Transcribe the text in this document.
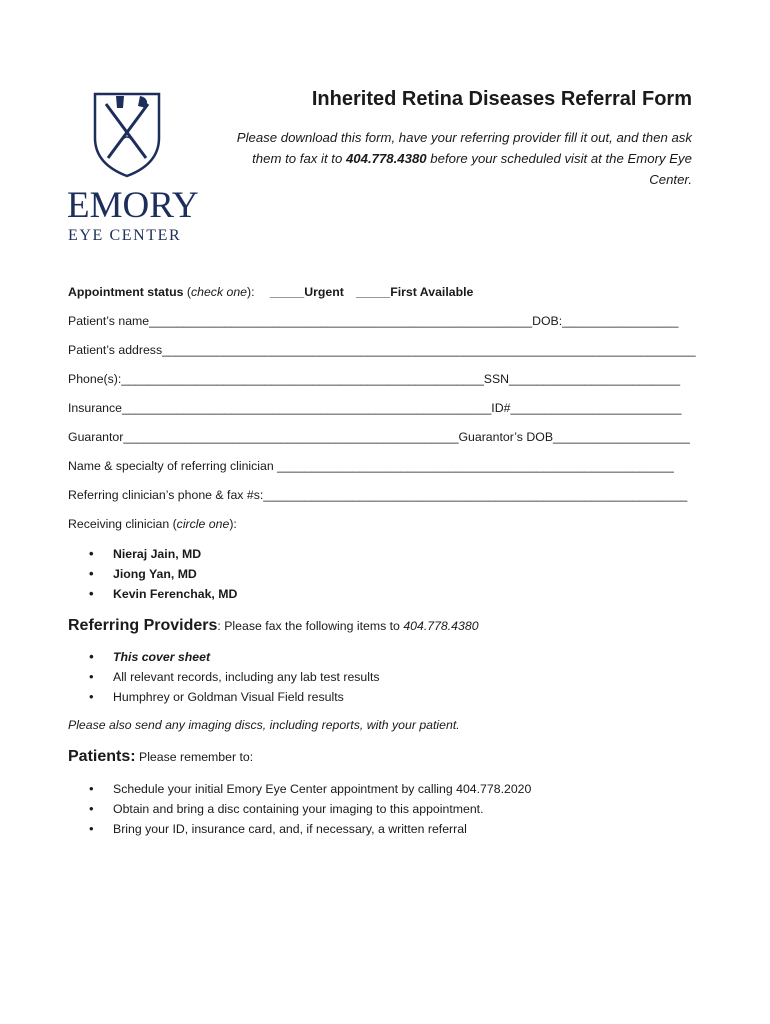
EMORY
EYE CENTER
Inherited Retina Diseases Referral Form
Please download this form, have your referring provider fill it out, and then ask them to fax it to 404.778.4380 before your scheduled visit at the Emory Eye Center.
Appointment status (check one): _____Urgent _____First Available
Patient’s name________________________________________________________DOB:_________________
Patient’s address______________________________________________________________________________
Phone(s):_____________________________________________________SSN_________________________
Insurance______________________________________________________ID#_________________________
Guarantor_________________________________________________Guarantor’s DOB____________________
Name & specialty of referring clinician __________________________________________________________
Referring clinician’s phone & fax #s:______________________________________________________________
Receiving clinician (circle one):
• Nieraj Jain, MD
• Jiong Yan, MD
• Kevin Ferenchak, MD
Referring Providers: Please fax the following items to 404.778.4380
• This cover sheet
• All relevant records, including any lab test results
• Humphrey or Goldman Visual Field results
Please also send any imaging discs, including reports, with your patient.
Patients: Please remember to:
• Schedule your initial Emory Eye Center appointment by calling 404.778.2020
• Obtain and bring a disc containing your imaging to this appointment.
• Bring your ID, insurance card, and, if necessary, a written referral
